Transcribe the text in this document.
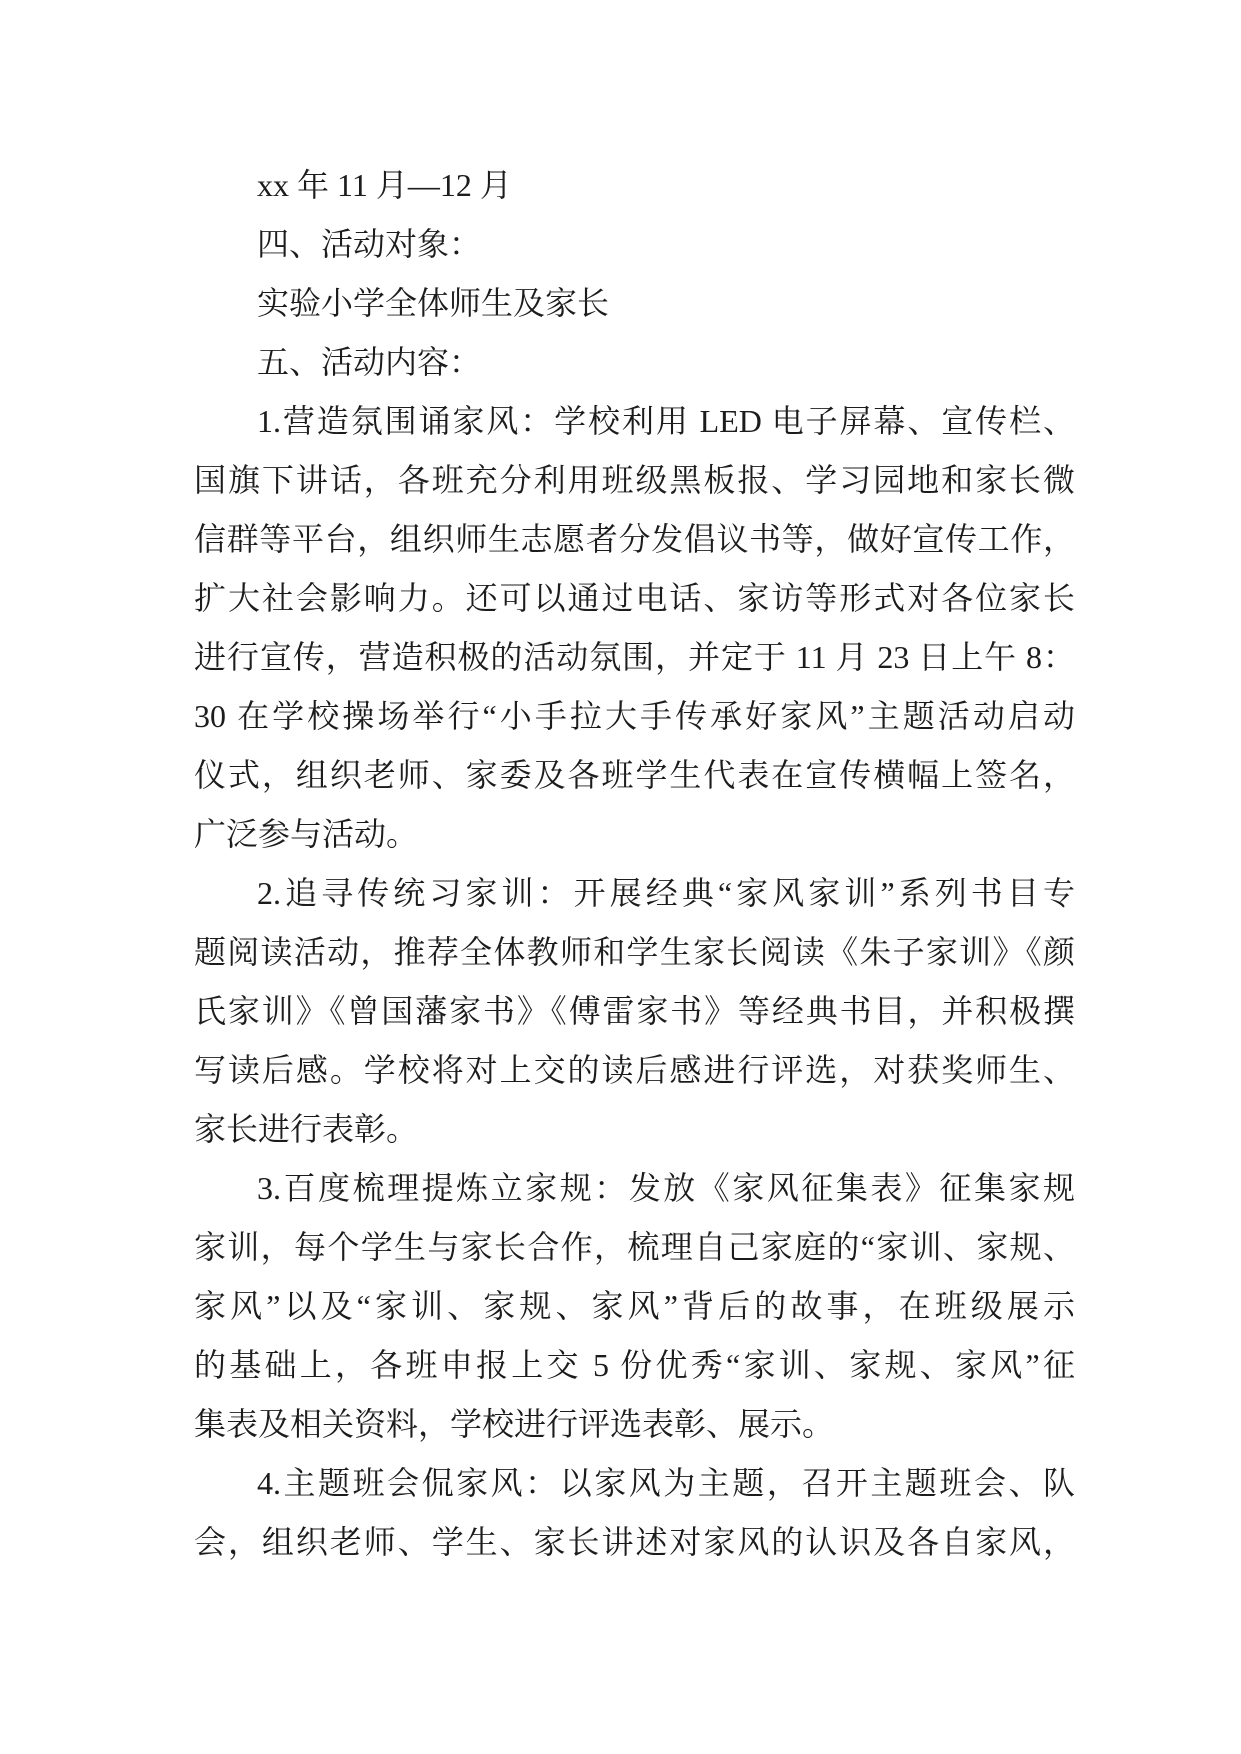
xx 年 11 月—12 月
四、活动对象：
实验小学全体师生及家长
五、活动内容：
1.营造氛围诵家风：学校利用 LED 电子屏幕、宣传栏、
国旗下讲话，各班充分利用班级黑板报、学习园地和家长微
信群等平台，组织师生志愿者分发倡议书等，做好宣传工作，
扩大社会影响力。还可以通过电话、家访等形式对各位家长
进行宣传，营造积极的活动氛围，并定于 11 月 23 日上午 8：
30 在学校操场举行“小手拉大手传承好家风”主题活动启动
仪式，组织老师、家委及各班学生代表在宣传横幅上签名，
广泛参与活动。
2.追寻传统习家训：开展经典“家风家训”系列书目专
题阅读活动，推荐全体教师和学生家长阅读《朱子家训》《颜
氏家训》《曾国藩家书》《傅雷家书》等经典书目，并积极撰
写读后感。学校将对上交的读后感进行评选，对获奖师生、
家长进行表彰。
3.百度梳理提炼立家规：发放《家风征集表》征集家规
家训，每个学生与家长合作，梳理自己家庭的“家训、家规、
家风”以及“家训、家规、家风”背后的故事，在班级展示
的基础上，各班申报上交 5 份优秀“家训、家规、家风”征
集表及相关资料，学校进行评选表彰、展示。
4.主题班会侃家风：以家风为主题，召开主题班会、队
会，组织老师、学生、家长讲述对家风的认识及各自家风，
